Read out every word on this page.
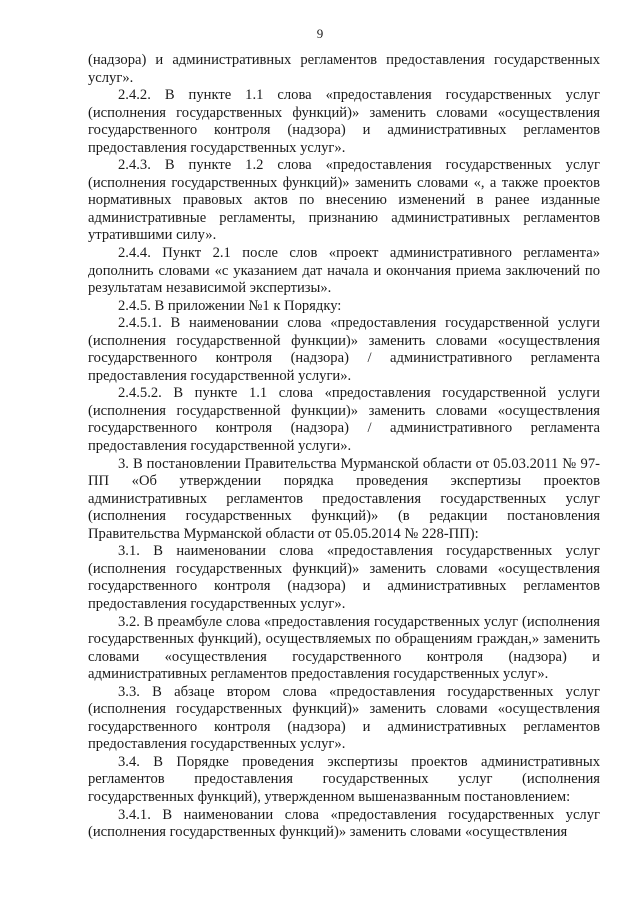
9

(надзора) и административных регламентов предоставления государственных услуг».

2.4.2. В пункте 1.1 слова «предоставления государственных услуг (исполнения государственных функций)» заменить словами «осуществления государственного контроля (надзора) и административных регламентов предоставления государственных услуг».

2.4.3. В пункте 1.2 слова «предоставления государственных услуг (исполнения государственных функций)» заменить словами «, а также проектов нормативных правовых актов по внесению изменений в ранее изданные административные регламенты, признанию административных регламентов утратившими силу».

2.4.4. Пункт 2.1 после слов «проект административного регламента» дополнить словами «с указанием дат начала и окончания приема заключений по результатам независимой экспертизы».

2.4.5. В приложении №1 к Порядку:

2.4.5.1. В наименовании слова «предоставления государственной услуги (исполнения государственной функции)» заменить словами «осуществления государственного контроля (надзора) / административного регламента предоставления государственной услуги».

2.4.5.2. В пункте 1.1 слова «предоставления государственной услуги (исполнения государственной функции)» заменить словами «осуществления государственного контроля (надзора) / административного регламента предоставления государственной услуги».

3. В постановлении Правительства Мурманской области от 05.03.2011 № 97-ПП «Об утверждении порядка проведения экспертизы проектов административных регламентов предоставления государственных услуг (исполнения государственных функций)» (в редакции постановления Правительства Мурманской области от 05.05.2014 № 228-ПП):

3.1. В наименовании слова «предоставления государственных услуг (исполнения государственных функций)» заменить словами «осуществления государственного контроля (надзора) и административных регламентов предоставления государственных услуг».

3.2. В преамбуле слова «предоставления государственных услуг (исполнения государственных функций), осуществляемых по обращениям граждан,» заменить словами «осуществления государственного контроля (надзора) и административных регламентов предоставления государственных услуг».

3.3. В абзаце втором слова «предоставления государственных услуг (исполнения государственных функций)» заменить словами «осуществления государственного контроля (надзора) и административных регламентов предоставления государственных услуг».

3.4. В Порядке проведения экспертизы проектов административных регламентов предоставления государственных услуг (исполнения государственных функций), утвержденном вышеназванным постановлением:

3.4.1. В наименовании слова «предоставления государственных услуг (исполнения государственных функций)» заменить словами «осуществления
